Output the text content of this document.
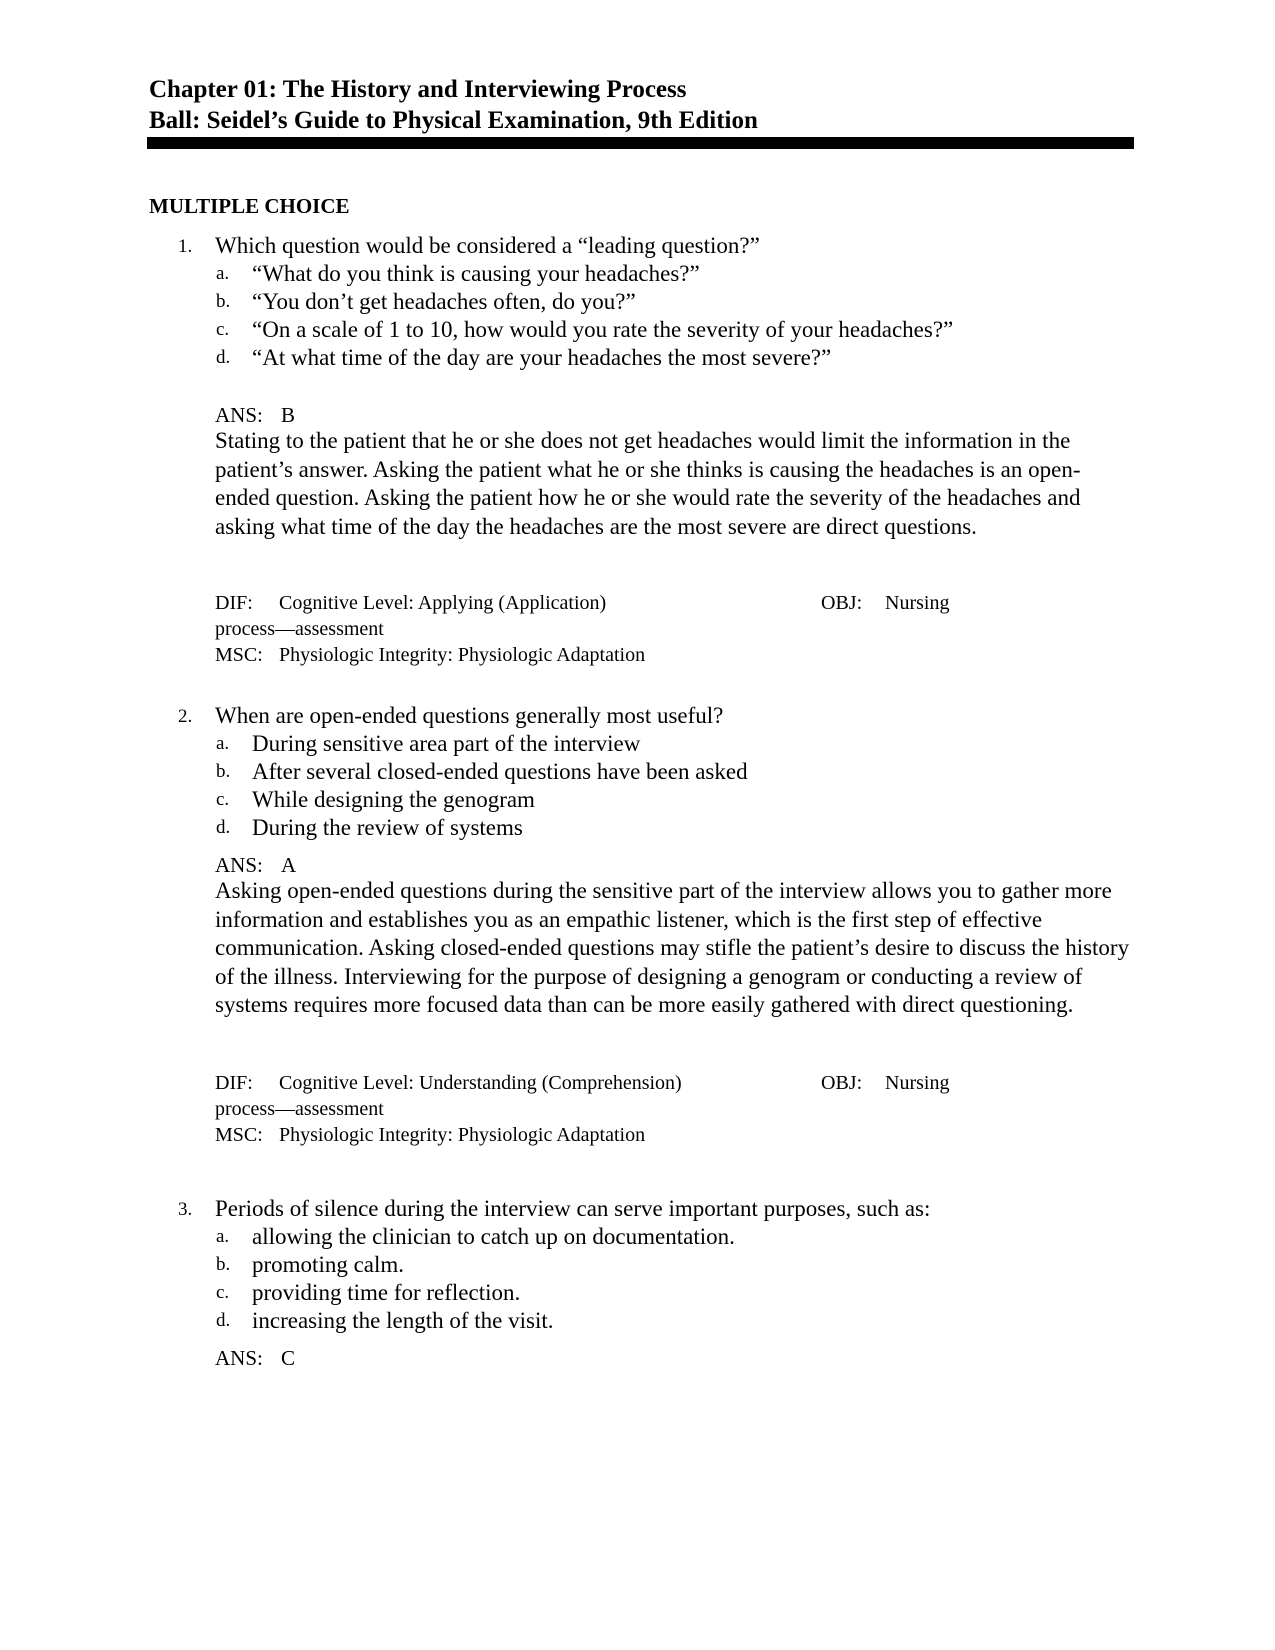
Chapter 01: The History and Interviewing Process
Ball: Seidel’s Guide to Physical Examination, 9th Edition
MULTIPLE CHOICE
1. Which question would be considered a “leading question?”
a. “What do you think is causing your headaches?”
b. “You don’t get headaches often, do you?”
c. “On a scale of 1 to 10, how would you rate the severity of your headaches?”
d. “At what time of the day are your headaches the most severe?”
ANS: B
Stating to the patient that he or she does not get headaches would limit the information in the patient’s answer. Asking the patient what he or she thinks is causing the headaches is an open-ended question. Asking the patient how he or she would rate the severity of the headaches and asking what time of the day the headaches are the most severe are direct questions.
DIF: Cognitive Level: Applying (Application)	OBJ: Nursing
process—assessment
MSC: Physiologic Integrity: Physiologic Adaptation
2. When are open-ended questions generally most useful?
a. During sensitive area part of the interview
b. After several closed-ended questions have been asked
c. While designing the genogram
d. During the review of systems
ANS: A
Asking open-ended questions during the sensitive part of the interview allows you to gather more information and establishes you as an empathic listener, which is the first step of effective communication. Asking closed-ended questions may stifle the patient’s desire to discuss the history of the illness. Interviewing for the purpose of designing a genogram or conducting a review of systems requires more focused data than can be more easily gathered with direct questioning.
DIF: Cognitive Level: Understanding (Comprehension)	OBJ: Nursing
process—assessment
MSC: Physiologic Integrity: Physiologic Adaptation
3. Periods of silence during the interview can serve important purposes, such as:
a. allowing the clinician to catch up on documentation.
b. promoting calm.
c. providing time for reflection.
d. increasing the length of the visit.
ANS: C
